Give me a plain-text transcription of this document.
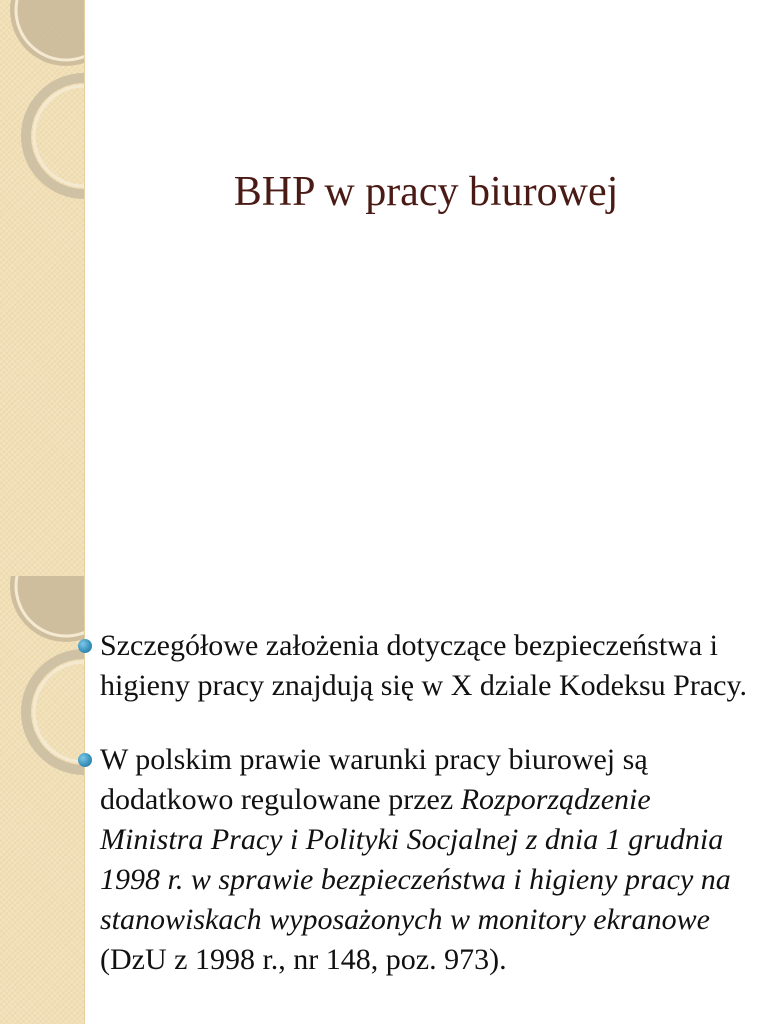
BHP w pracy biurowej
Szczegółowe założenia dotyczące bezpieczeństwa i higieny pracy znajdują się w X dziale Kodeksu Pracy.
W polskim prawie warunki pracy biurowej są dodatkowo regulowane przez Rozporządzenie Ministra Pracy i Polityki Socjalnej z dnia 1 grudnia 1998 r. w sprawie bezpieczeństwa i higieny pracy na stanowiskach wyposażonych w monitory ekranowe (DzU z 1998 r., nr 148, poz. 973).
